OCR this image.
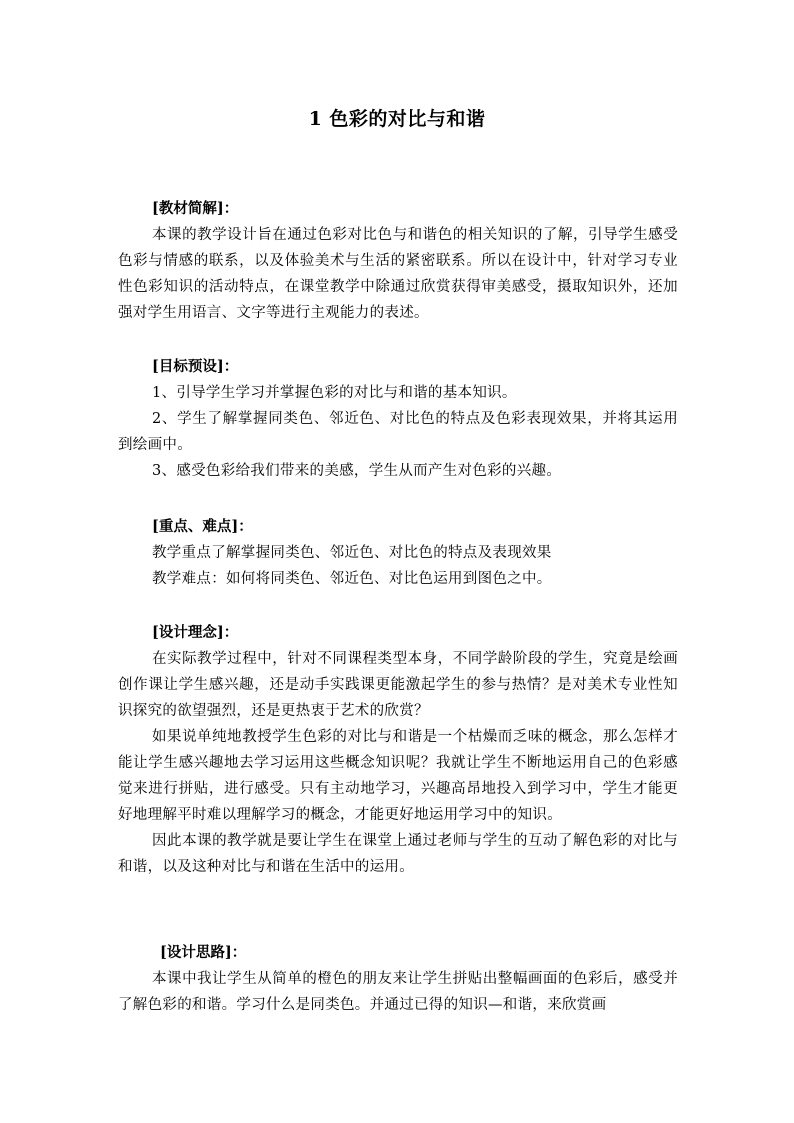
1 色彩的对比与和谐

[教材简解]：

本课的教学设计旨在通过色彩对比色与和谐色的相关知识的了解，引导学生感受色彩与情感的联系，以及体验美术与生活的紧密联系。所以在设计中，针对学习专业性色彩知识的活动特点，在课堂教学中除通过欣赏获得审美感受，摄取知识外，还加强对学生用语言、文字等进行主观能力的表述。

[目标预设]：

1、引导学生学习并掌握色彩的对比与和谐的基本知识。

2、学生了解掌握同类色、邻近色、对比色的特点及色彩表现效果，并将其运用到绘画中。

3、感受色彩给我们带来的美感，学生从而产生对色彩的兴趣。

[重点、难点]：

教学重点了解掌握同类色、邻近色、对比色的特点及表现效果

教学难点：如何将同类色、邻近色、对比色运用到图色之中。

[设计理念]：

在实际教学过程中，针对不同课程类型本身，不同学龄阶段的学生，究竟是绘画创作课让学生感兴趣，还是动手实践课更能激起学生的参与热情？是对美术专业性知识探究的欲望强烈，还是更热衷于艺术的欣赏？

如果说单纯地教授学生色彩的对比与和谐是一个枯燥而乏味的概念，那么怎样才能让学生感兴趣地去学习运用这些概念知识呢？我就让学生不断地运用自己的色彩感觉来进行拼贴，进行感受。只有主动地学习，兴趣高昂地投入到学习中，学生才能更好地理解平时难以理解学习的概念，才能更好地运用学习中的知识。

因此本课的教学就是要让学生在课堂上通过老师与学生的互动了解色彩的对比与和谐，以及这种对比与和谐在生活中的运用。

[设计思路]：

本课中我让学生从简单的橙色的朋友来让学生拼贴出整幅画面的色彩后，感受并了解色彩的和谐。学习什么是同类色。并通过已得的知识—和谐，来欣赏画
